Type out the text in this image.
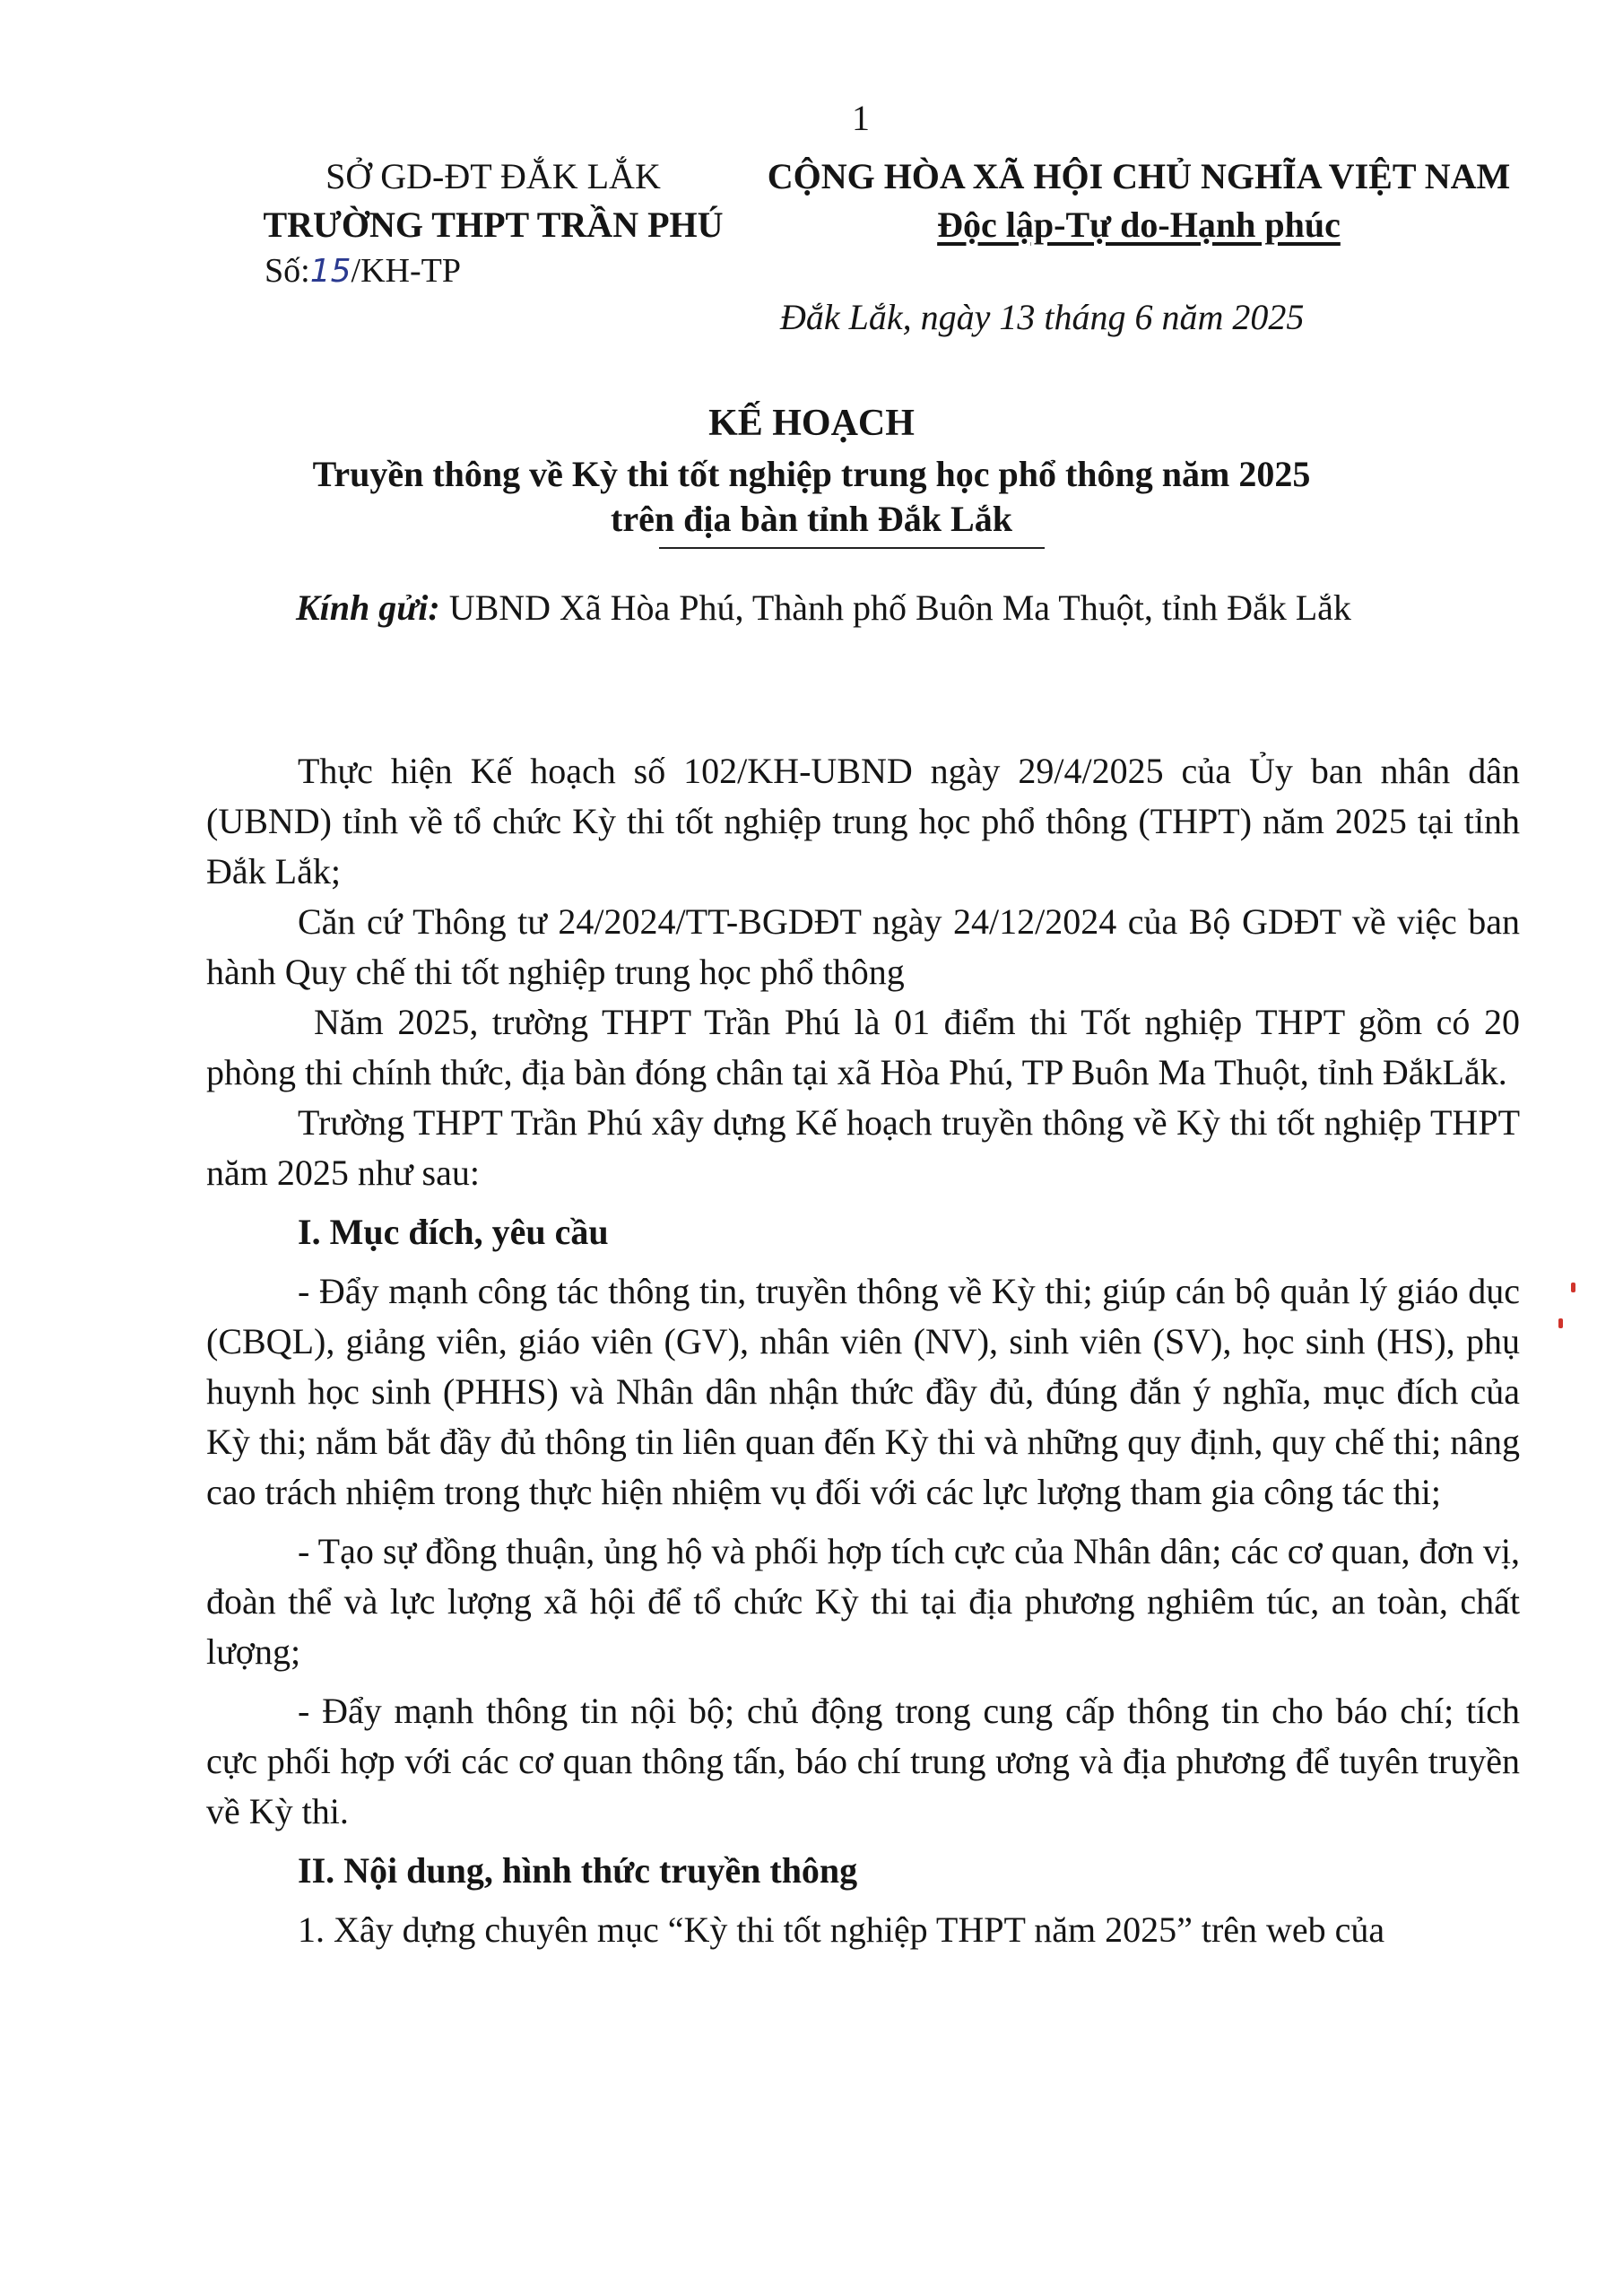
1
SỞ GD-ĐT ĐẮK LẮK
TRƯỜNG THPT TRẦN PHÚ
CỘNG HÒA XÃ HỘI CHỦ NGHĨA VIỆT NAM
Độc lập-Tự do-Hạnh phúc
Số:15/KH-TP
Đắk Lắk, ngày 13 tháng 6 năm 2025
KẾ HOẠCH
Truyền thông về Kỳ thi tốt nghiệp trung học phổ thông năm 2025
trên địa bàn tỉnh Đắk Lắk
Kính gửi: UBND Xã Hòa Phú, Thành phố Buôn Ma Thuột, tỉnh Đắk Lắk

Thực hiện Kế hoạch số 102/KH-UBND ngày 29/4/2025 của Ủy ban nhân dân (UBND) tỉnh về tổ chức Kỳ thi tốt nghiệp trung học phổ thông (THPT) năm 2025 tại tỉnh Đắk Lắk;

Căn cứ Thông tư 24/2024/TT-BGDĐT ngày 24/12/2024 của Bộ GDĐT về việc ban hành Quy chế thi tốt nghiệp trung học phổ thông

Năm 2025, trường THPT Trần Phú là 01 điểm thi Tốt nghiệp THPT gồm có 20 phòng thi chính thức, địa bàn đóng chân tại xã Hòa Phú, TP Buôn Ma Thuột, tỉnh ĐắkLắk.

Trường THPT Trần Phú xây dựng Kế hoạch truyền thông về Kỳ thi tốt nghiệp THPT năm 2025 như sau:

I. Mục đích, yêu cầu

- Đẩy mạnh công tác thông tin, truyền thông về Kỳ thi; giúp cán bộ quản lý giáo dục (CBQL), giảng viên, giáo viên (GV), nhân viên (NV), sinh viên (SV), học sinh (HS), phụ huynh học sinh (PHHS) và Nhân dân nhận thức đầy đủ, đúng đắn ý nghĩa, mục đích của Kỳ thi; nắm bắt đầy đủ thông tin liên quan đến Kỳ thi và những quy định, quy chế thi; nâng cao trách nhiệm trong thực hiện nhiệm vụ đối với các lực lượng tham gia công tác thi;

- Tạo sự đồng thuận, ủng hộ và phối hợp tích cực của Nhân dân; các cơ quan, đơn vị, đoàn thể và lực lượng xã hội để tổ chức Kỳ thi tại địa phương nghiêm túc, an toàn, chất lượng;

- Đẩy mạnh thông tin nội bộ; chủ động trong cung cấp thông tin cho báo chí; tích cực phối hợp với các cơ quan thông tấn, báo chí trung ương và địa phương để tuyên truyền về Kỳ thi.

II. Nội dung, hình thức truyền thông

1. Xây dựng chuyên mục “Kỳ thi tốt nghiệp THPT năm 2025” trên web của
